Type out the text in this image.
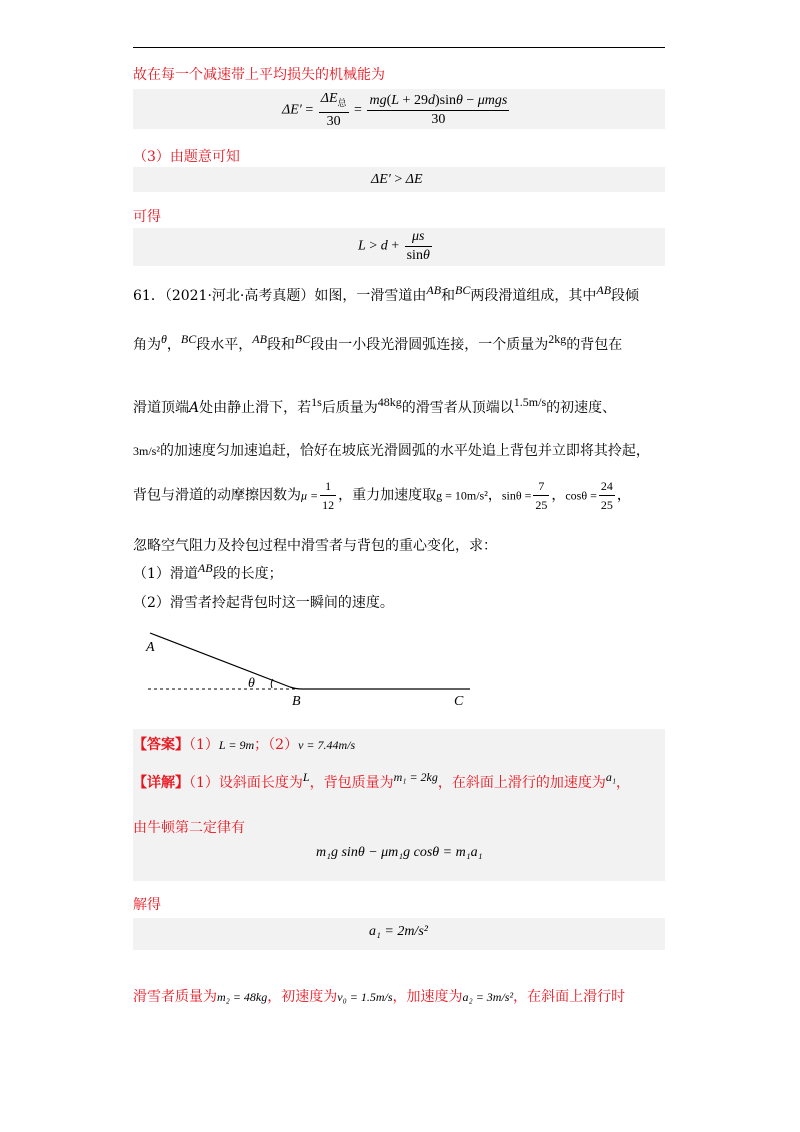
故在每一个减速带上平均损失的机械能为
$\Delta E' = \frac{\Delta E_总}{30} = \frac{\text{mg(L + 29d)sinθ − μmgs}}{30}$
（3）由题意可知
ΔE′ > ΔE
可得
$L > d + \frac{\mu s}{\sin\theta}$
61．（2021·河北·高考真题）如图，一滑雪道由AB和BC两段滑道组成，其中AB段倾
角为θ，BC段水平，AB段和BC段由一小段光滑圆弧连接，一个质量为2kg的背包在
滑道顶端A处由静止滑下，若1s后质量为48kg的滑雪者从顶端以1.5m/s的初速度、
3m/s²的加速度匀加速追赶，恰好在坡底光滑圆弧的水平处追上背包并立即将其拎起，
背包与滑道的动摩擦因数为$\mu = \frac{1}{12}$ ，重力加速度取g = 10m/s²，$\sin\theta = \frac{7}{25}$ ，$\cos\theta = \frac{24}{25}$ ，
忽略空气阻力及拎包过程中滑雪者与背包的重心变化，求：
（1）滑道AB段的长度；
（2）滑雪者拎起背包时这一瞬间的速度。
A
θ
B	C
【答案】（1）L = 9m；（2）v = 7.44m/s
【详解】（1）设斜面长度为L，背包质量为m₁ = 2kg，在斜面上滑行的加速度为a₁，
由牛顿第二定律有
m₁g sinθ − μm₁g cosθ = m₁a₁
解得
a₁ = 2m/s²
滑雪者质量为m₂ = 48kg，初速度为v₀ = 1.5m/s，加速度为a₂ = 3m/s²，在斜面上滑行时
